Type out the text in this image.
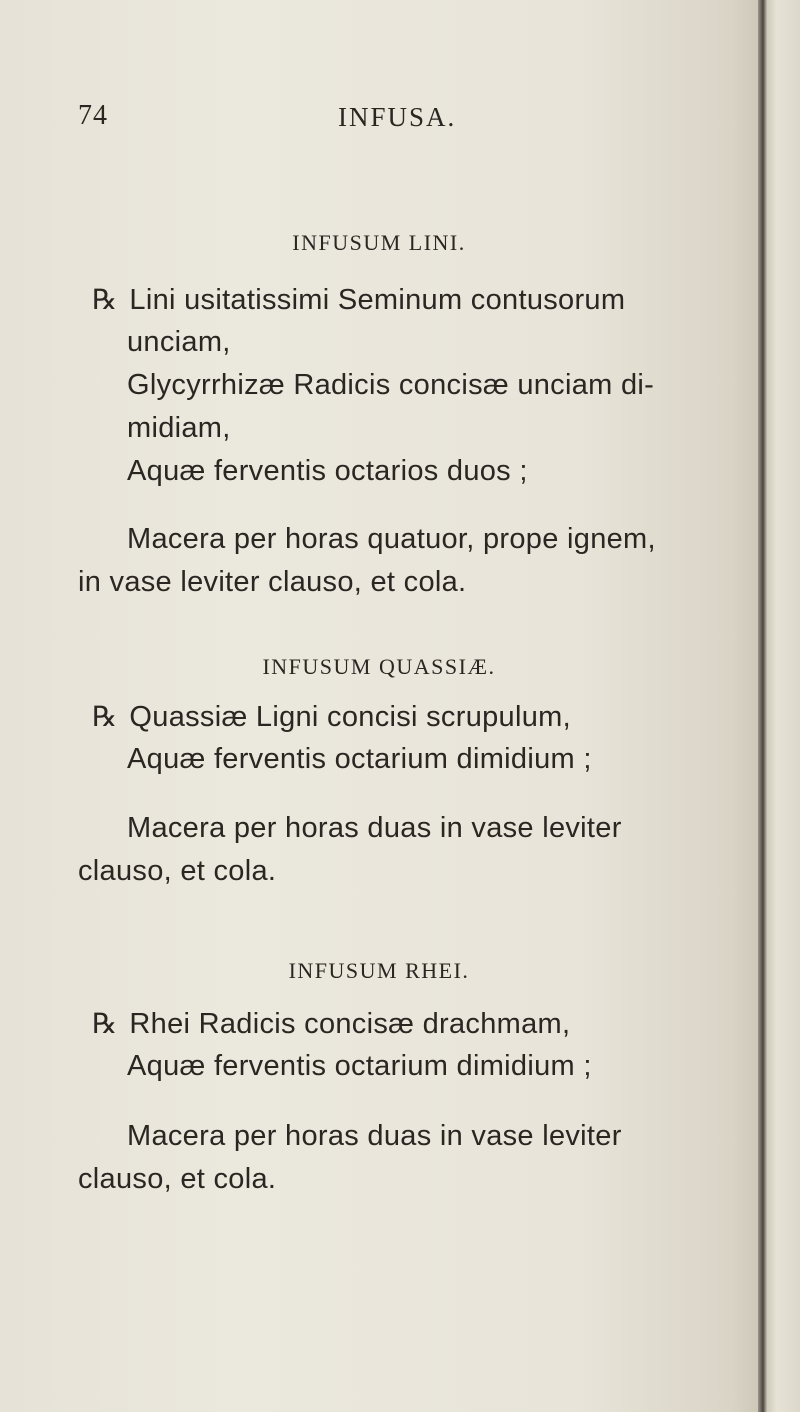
74	INFUSA.
INFUSUM LINI.
℞ Lini usitatissimi Seminum contusorum
unciam,
Glycyrrhizæ Radicis concisæ unciam di-
midiam,
Aquæ ferventis octarios duos ;
Macera per horas quatuor, prope ignem,
in vase leviter clauso, et cola.
INFUSUM QUASSIÆ.
℞ Quassiæ Ligni concisi scrupulum,
Aquæ ferventis octarium dimidium ;
Macera per horas duas in vase leviter
clauso, et cola.
INFUSUM RHEI.
℞ Rhei Radicis concisæ drachmam,
Aquæ ferventis octarium dimidium ;
Macera per horas duas in vase leviter
clauso, et cola.
